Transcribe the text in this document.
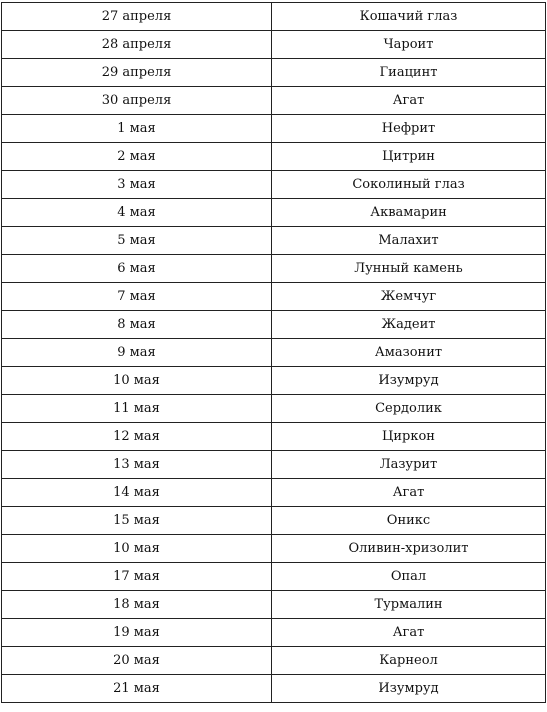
27 апреля	Кошачий глаз
28 апреля	Чароит
29 апреля	Гиацинт
30 апреля	Агат
1 мая	Нефрит
2 мая	Цитрин
3 мая	Соколиный глаз
4 мая	Аквамарин
5 мая	Малахит
6 мая	Лунный камень
7 мая	Жемчуг
8 мая	Жадеит
9 мая	Амазонит
10 мая	Изумруд
11 мая	Сердолик
12 мая	Циркон
13 мая	Лазурит
14 мая	Агат
15 мая	Оникс
10 мая	Оливин-хризолит
17 мая	Опал
18 мая	Турмалин
19 мая	Агат
20 мая	Карнеол
21 мая	Изумруд
